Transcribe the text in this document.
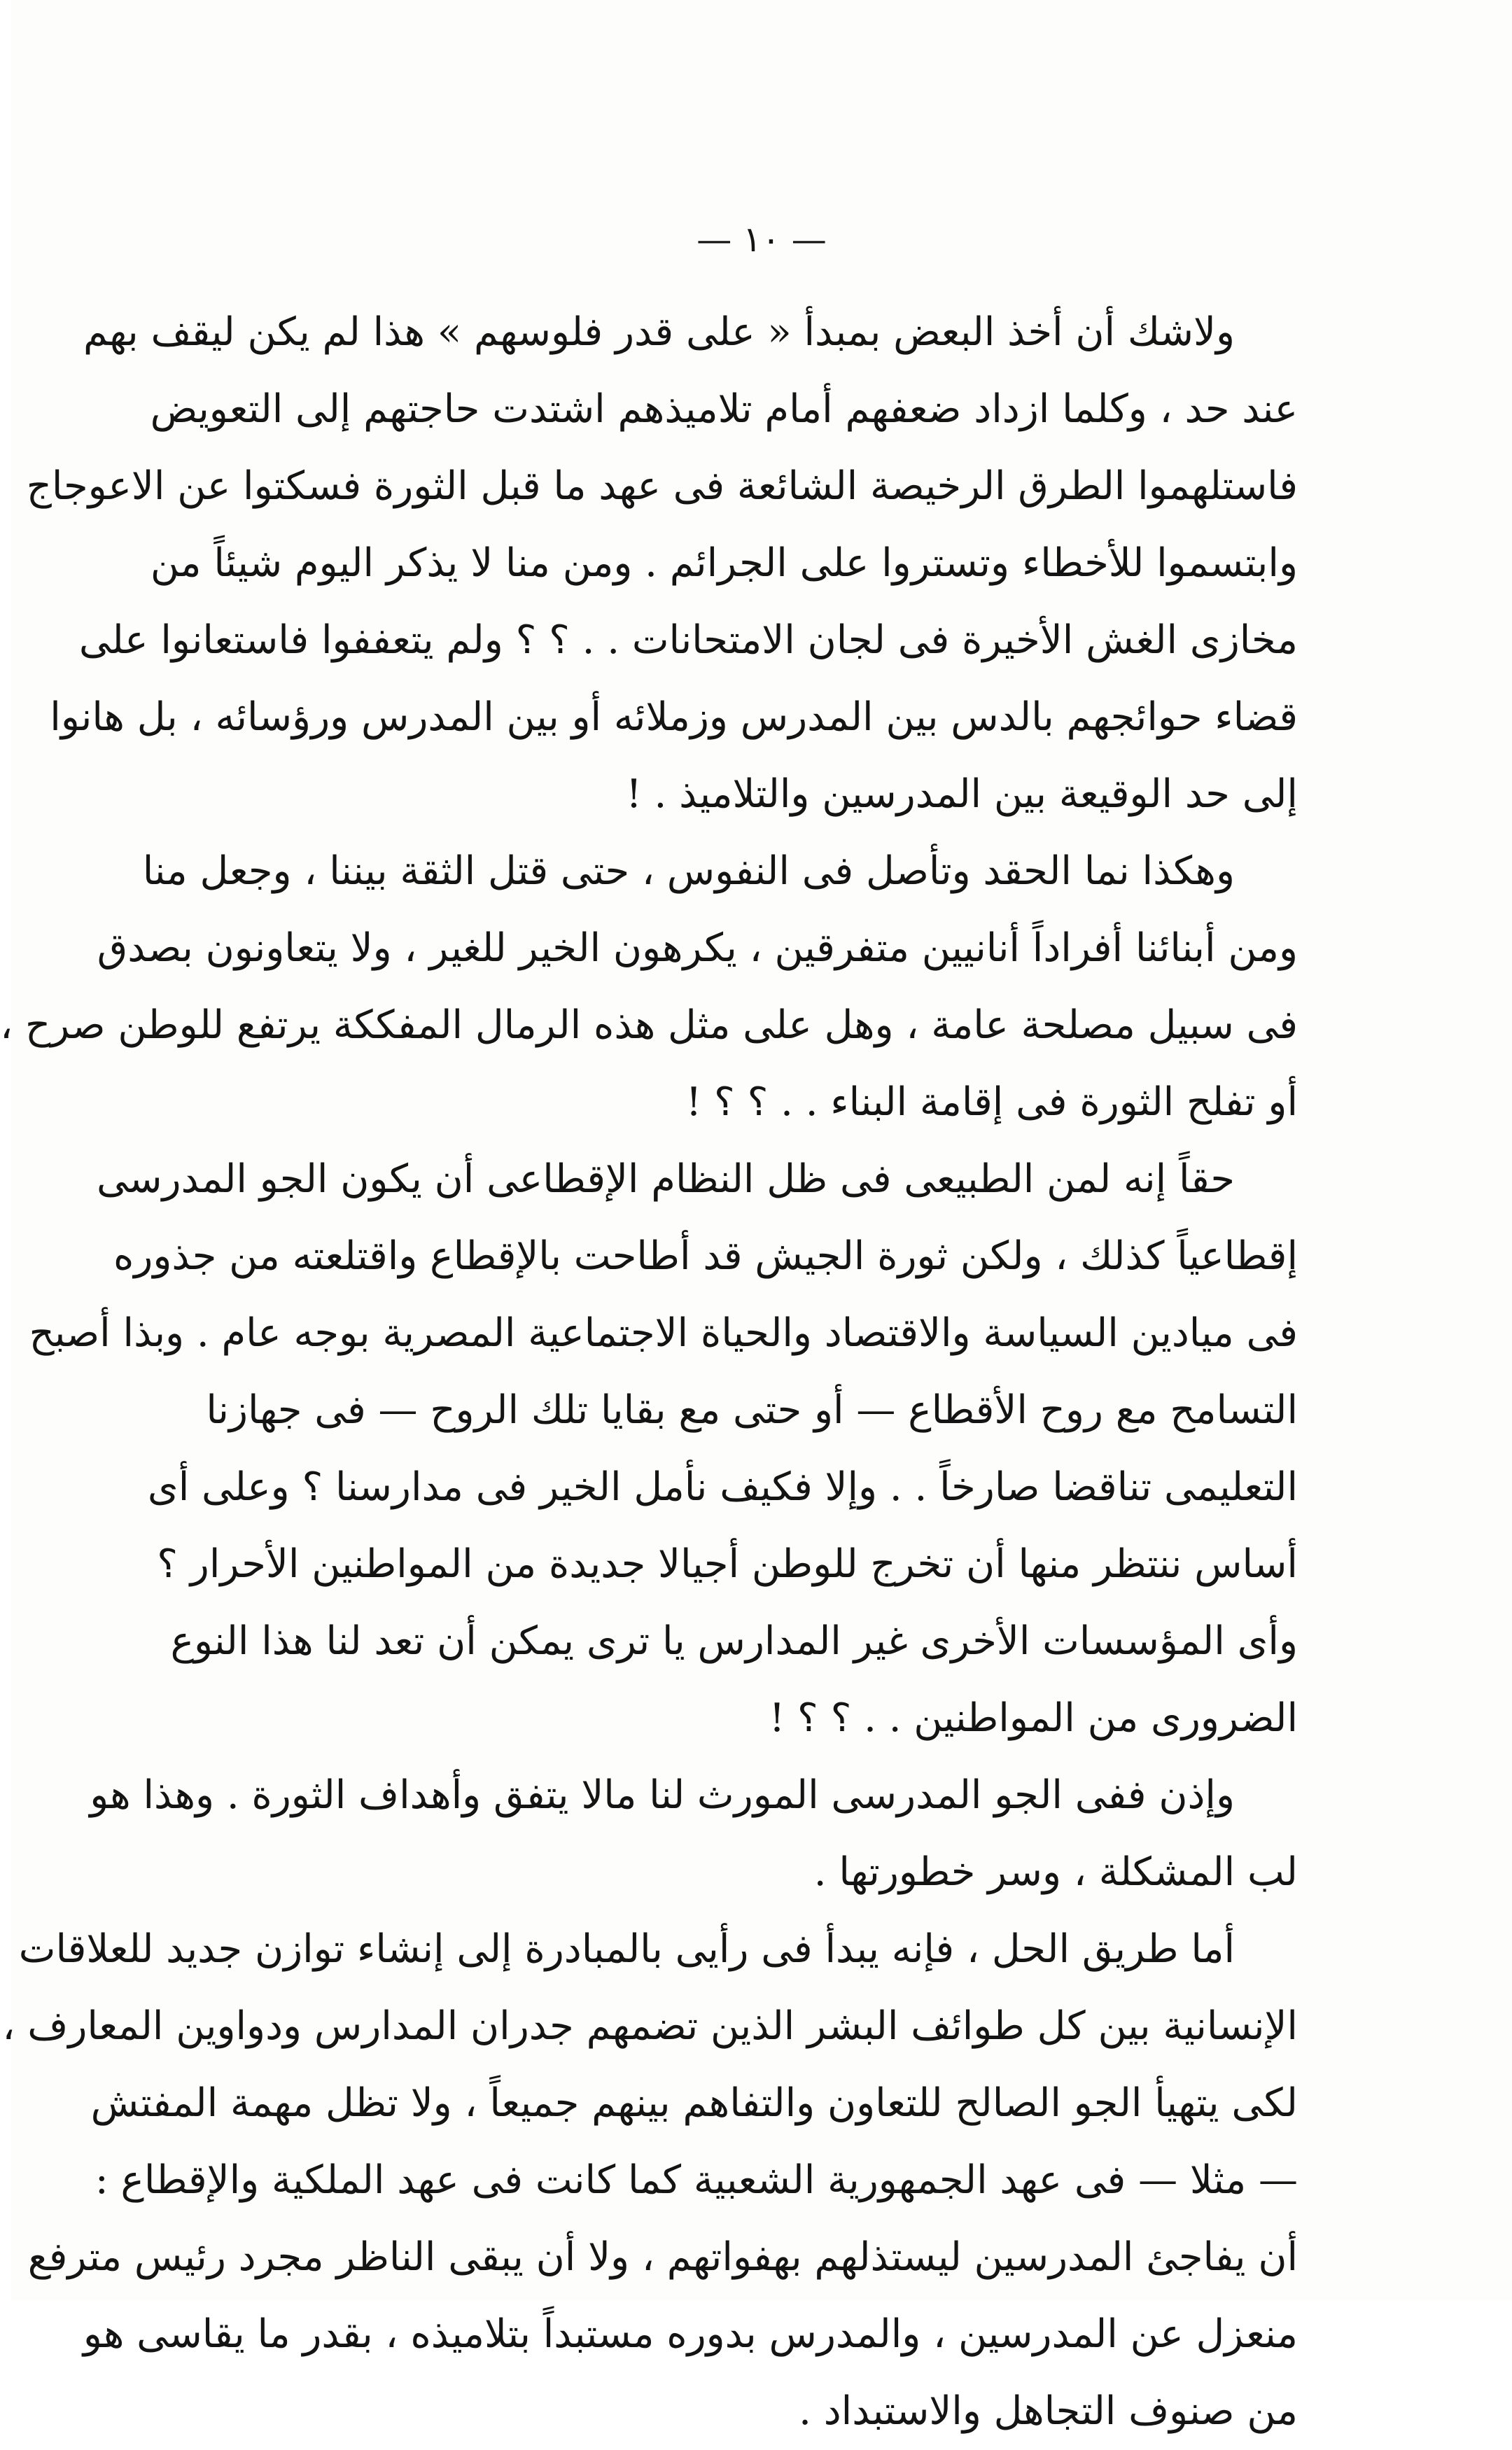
— ١٠ —
ولاشك أن أخذ البعض بمبدأ « على قدر فلوسهم » هذا لم يكن ليقف بهم
عند حد ، وكلما ازداد ضعفهم أمام تلاميذهم اشتدت حاجتهم إلى التعويض
فاستلهموا الطرق الرخيصة الشائعة فى عهد ما قبل الثورة فسكتوا عن الاعوجاج
وابتسموا للأخطاء وتستروا على الجرائم . ومن منا لا يذكر اليوم شيئاً من
مخازى الغش الأخيرة فى لجان الامتحانات . . ؟ ؟ ولم يتعففوا فاستعانوا على
قضاء حوائجهم بالدس بين المدرس وزملائه أو بين المدرس ورؤسائه ، بل هانوا
إلى حد الوقيعة بين المدرسين والتلاميذ . !
وهكذا نما الحقد وتأصل فى النفوس ، حتى قتل الثقة بيننا ، وجعل منا
ومن أبنائنا أفراداً أنانيين متفرقين ، يكرهون الخير للغير ، ولا يتعاونون بصدق
فى سبيل مصلحة عامة ، وهل على مثل هذه الرمال المفككة يرتفع للوطن صرح ،
أو تفلح الثورة فى إقامة البناء . . ؟ ؟ !
حقاً إنه لمن الطبيعى فى ظل النظام الإقطاعى أن يكون الجو المدرسى
إقطاعياً كذلك ، ولكن ثورة الجيش قد أطاحت بالإقطاع واقتلعته من جذوره
فى ميادين السياسة والاقتصاد والحياة الاجتماعية المصرية بوجه عام . وبذا أصبح
التسامح مع روح الأقطاع — أو حتى مع بقايا تلك الروح — فى جهازنا
التعليمى تناقضا صارخاً . . وإلا فكيف نأمل الخير فى مدارسنا ؟ وعلى أى
أساس ننتظر منها أن تخرج للوطن أجيالا جديدة من المواطنين الأحرار ؟
وأى المؤسسات الأخرى غير المدارس يا ترى يمكن أن تعد لنا هذا النوع
الضرورى من المواطنين . . ؟ ؟ !
وإذن ففى الجو المدرسى المورث لنا مالا يتفق وأهداف الثورة . وهذا هو
لب المشكلة ، وسر خطورتها .
أما طريق الحل ، فإنه يبدأ فى رأيى بالمبادرة إلى إنشاء توازن جديد للعلاقات
الإنسانية بين كل طوائف البشر الذين تضمهم جدران المدارس ودواوين المعارف ،
لكى يتهيأ الجو الصالح للتعاون والتفاهم بينهم جميعاً ، ولا تظل مهمة المفتش
— مثلا — فى عهد الجمهورية الشعبية كما كانت فى عهد الملكية والإقطاع :
أن يفاجئ المدرسين ليستذلهم بهفواتهم ، ولا أن يبقى الناظر مجرد رئيس مترفع
منعزل عن المدرسين ، والمدرس بدوره مستبداً بتلاميذه ، بقدر ما يقاسى هو
من صنوف التجاهل والاستبداد .
